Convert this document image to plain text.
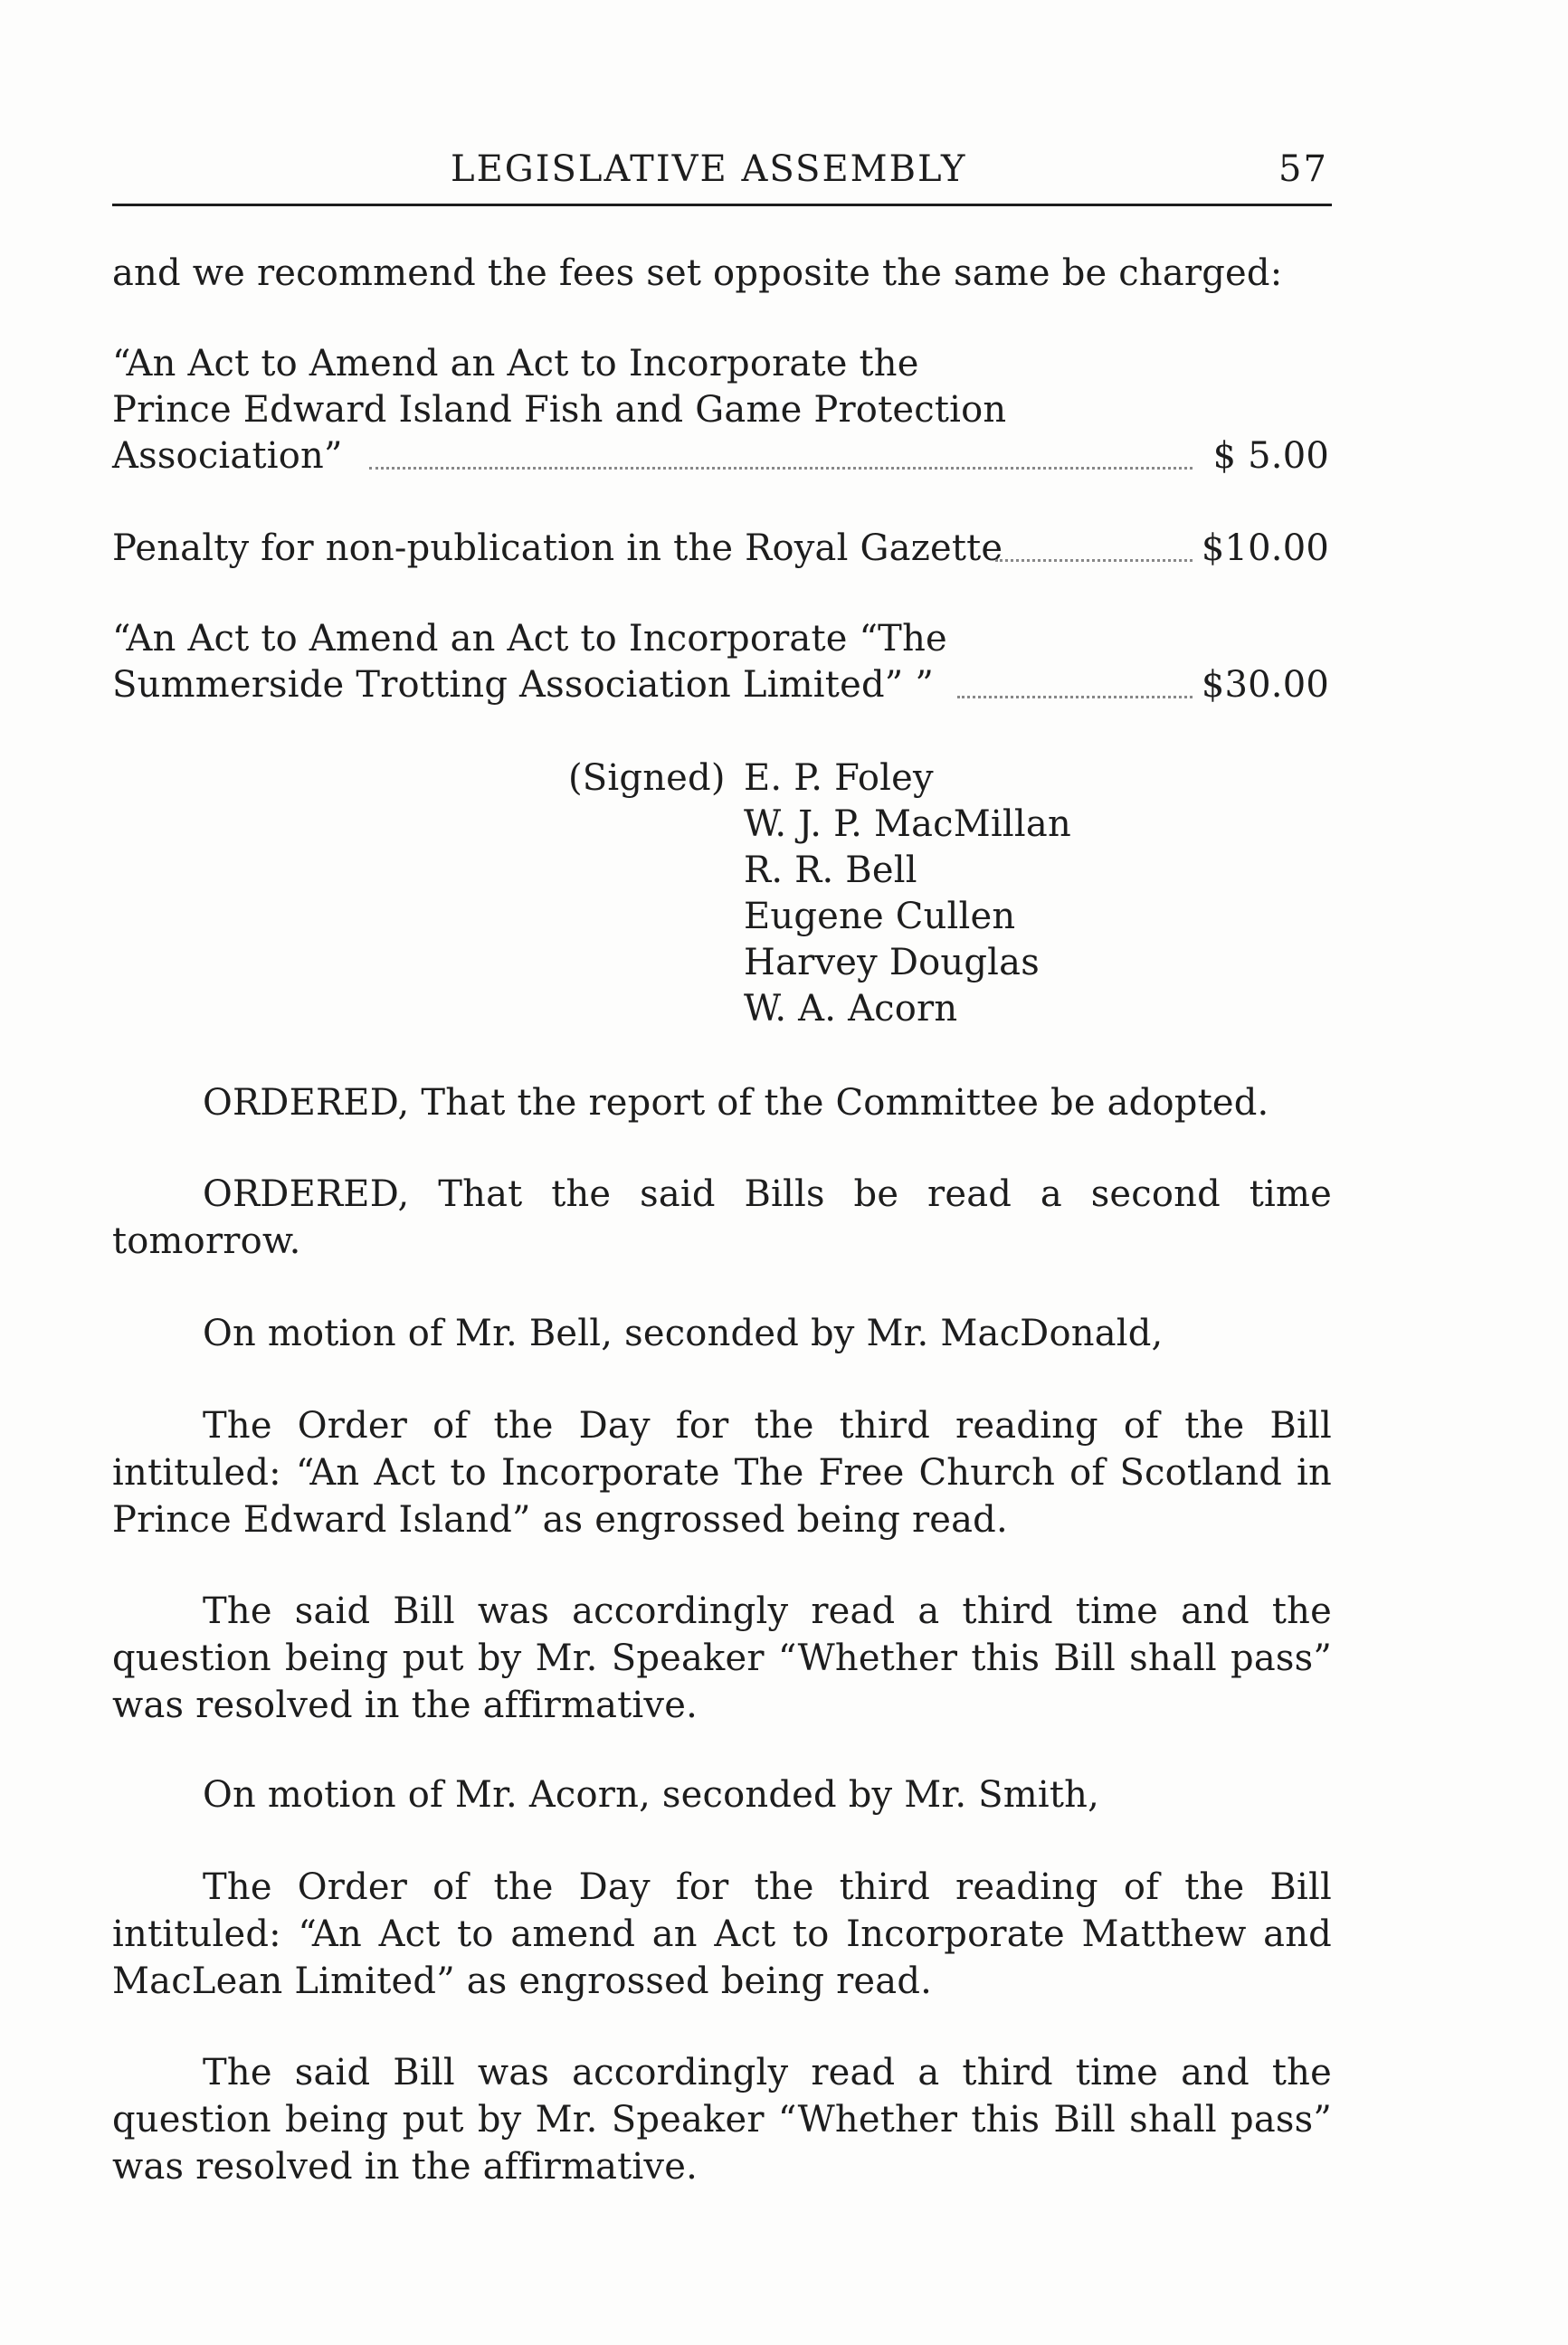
LEGISLATIVE ASSEMBLY	57
and we recommend the fees set opposite the same be charged:
“An Act to Amend an Act to Incorporate the
Prince Edward Island Fish and Game Protection
Association”	$ 5.00
Penalty for non-publication in the Royal Gazette	$10.00
“An Act to Amend an Act to Incorporate “The
Summerside Trotting Association Limited” ”	$30.00
(Signed) E. P. Foley
W. J. P. MacMillan
R. R. Bell
Eugene Cullen
Harvey Douglas
W. A. Acorn
ORDERED, That the report of the Committee be adopted.
ORDERED, That the said Bills be read a second time tomorrow.
On motion of Mr. Bell, seconded by Mr. MacDonald,
The Order of the Day for the third reading of the Bill intituled: “An Act to Incorporate The Free Church of Scotland in Prince Edward Island” as engrossed being read.
The said Bill was accordingly read a third time and the question being put by Mr. Speaker “Whether this Bill shall pass” was resolved in the affirmative.
On motion of Mr. Acorn, seconded by Mr. Smith,
The Order of the Day for the third reading of the Bill intituled: “An Act to amend an Act to Incorporate Matthew and MacLean Limited” as engrossed being read.
The said Bill was accordingly read a third time and the question being put by Mr. Speaker “Whether this Bill shall pass” was resolved in the affirmative.
